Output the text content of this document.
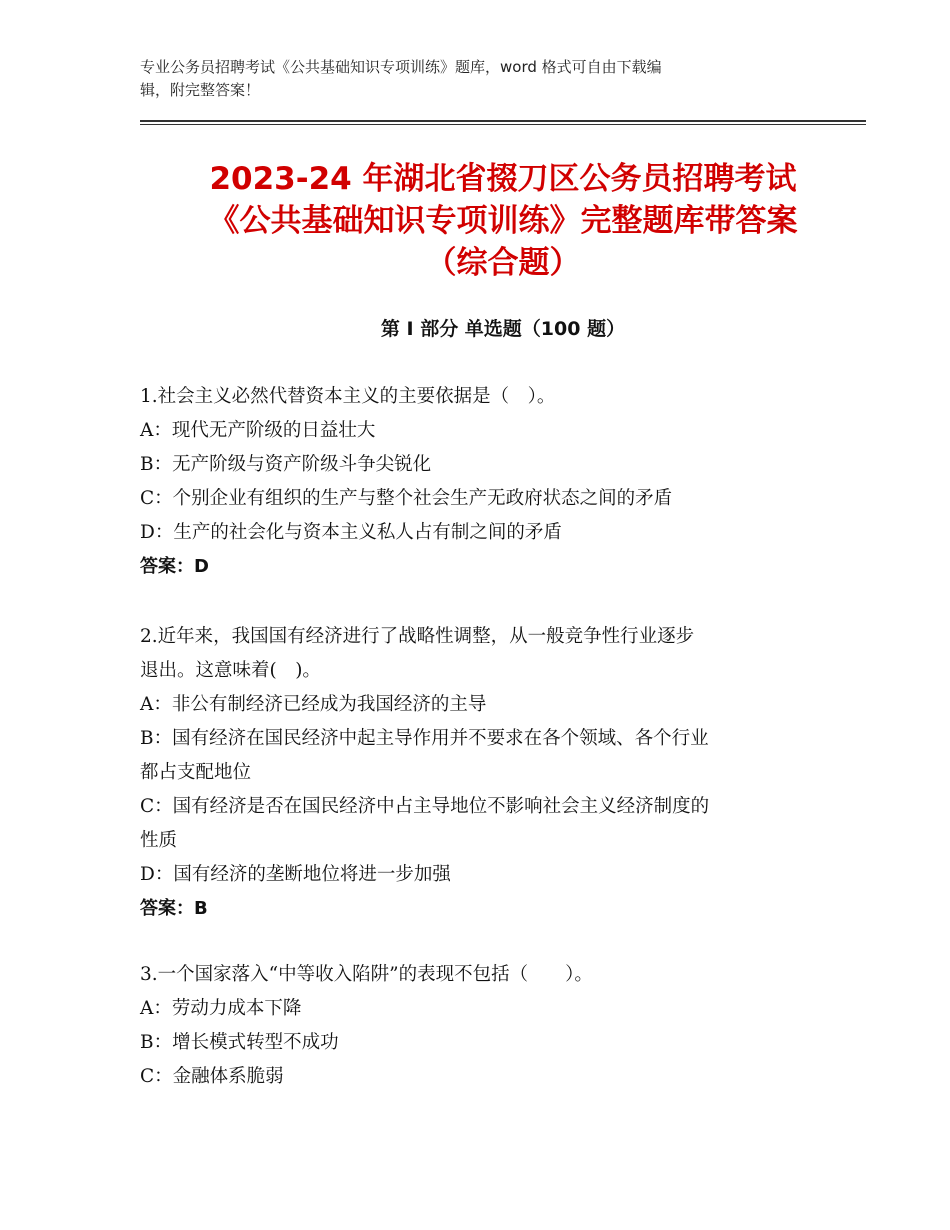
专业公务员招聘考试《公共基础知识专项训练》题库，word 格式可自由下载编
辑，附完整答案！
2023-24 年湖北省掇刀区公务员招聘考试
《公共基础知识专项训练》完整题库带答案
（综合题）
第 I 部分 单选题（100 题）
1.社会主义必然代替资本主义的主要依据是（　）。
A：现代无产阶级的日益壮大
B：无产阶级与资产阶级斗争尖锐化
C：个别企业有组织的生产与整个社会生产无政府状态之间的矛盾
D：生产的社会化与资本主义私人占有制之间的矛盾
答案：D
2.近年来，我国国有经济进行了战略性调整，从一般竞争性行业逐步
退出。这意味着(　)。
A：非公有制经济已经成为我国经济的主导
B：国有经济在国民经济中起主导作用并不要求在各个领域、各个行业
都占支配地位
C：国有经济是否在国民经济中占主导地位不影响社会主义经济制度的
性质
D：国有经济的垄断地位将进一步加强
答案：B
3.一个国家落入“中等收入陷阱”的表现不包括（　　）。
A：劳动力成本下降
B：增长模式转型不成功
C：金融体系脆弱
